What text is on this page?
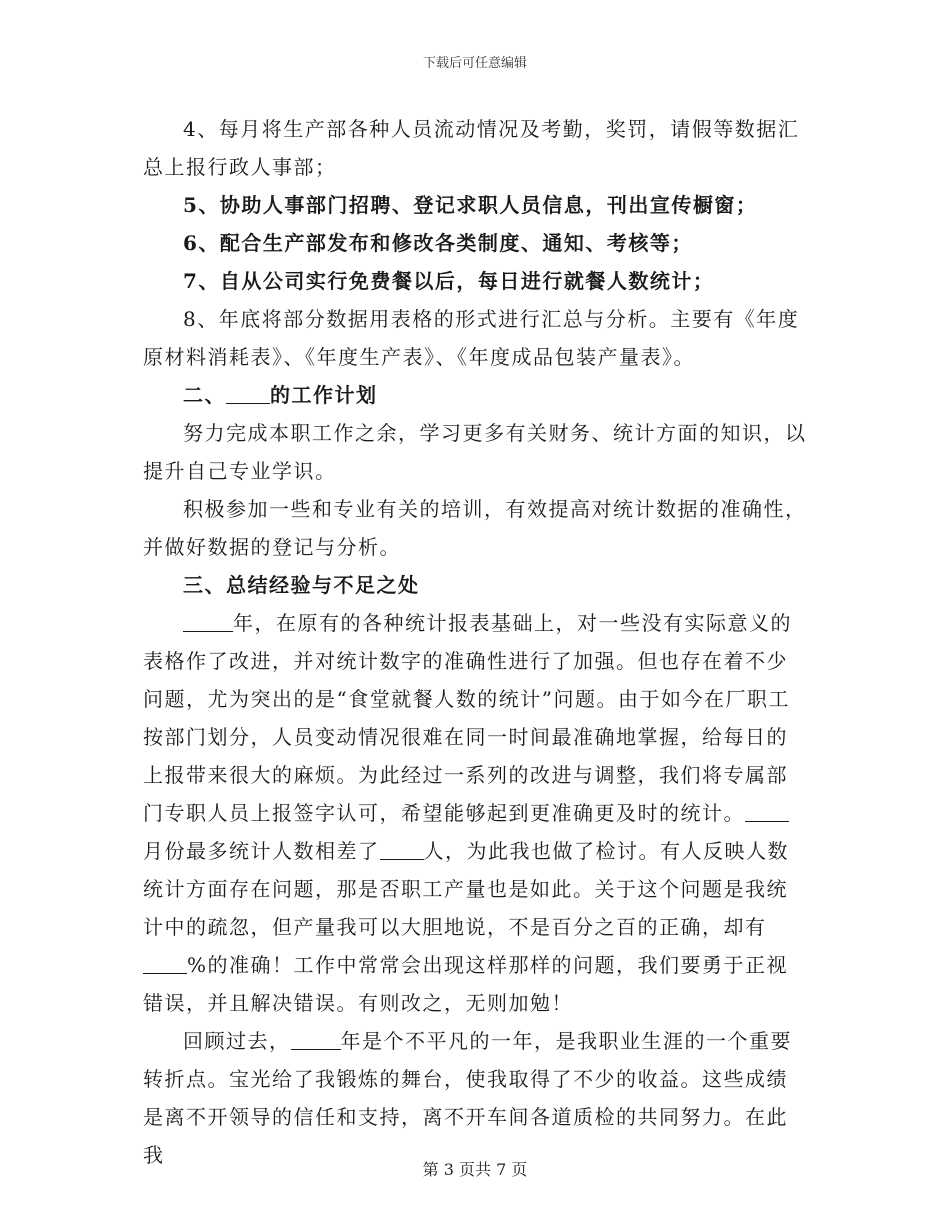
下载后可任意编辑

4、每月将生产部各种人员流动情况及考勤，奖罚，请假等数据汇总上报行政人事部；

5、协助人事部门招聘、登记求职人员信息，刊出宣传橱窗；

6、配合生产部发布和修改各类制度、通知、考核等；

7、自从公司实行免费餐以后，每日进行就餐人数统计；

8、年底将部分数据用表格的形式进行汇总与分析。主要有《年度原材料消耗表》、《年度生产表》、《年度成品包装产量表》。

二、 的工作计划

努力完成本职工作之余，学习更多有关财务、统计方面的知识，以提升自己专业学识。

积极参加一些和专业有关的培训，有效提高对统计数据的准确性，并做好数据的登记与分析。

三、总结经验与不足之处

年，在原有的各种统计报表基础上，对一些没有实际意义的表格作了改进，并对统计数字的准确性进行了加强。但也存在着不少问题，尤为突出的是“食堂就餐人数的统计”问题。由于如今在厂职工按部门划分，人员变动情况很难在同一时间最准确地掌握，给每日的上报带来很大的麻烦。为此经过一系列的改进与调整，我们将专属部门专职人员上报签字认可，希望能够起到更准确更及时的统计。月份最多统计人数相差了 人，为此我也做了检讨。有人反映人数统计方面存在问题，那是否职工产量也是如此。关于这个问题是我统计中的疏忽，但产量我可以大胆地说，不是百分之百的正确，却有%的准确！工作中常常会出现这样那样的问题，我们要勇于正视错误，并且解决错误。有则改之，无则加勉！

回顾过去，	年是个不平凡的一年，是我职业生涯的一个重要转折点。宝光给了我锻炼的舞台，使我取得了不少的收益。这些成绩是离不开领导的信任和支持，离不开车间各道质检的共同努力。在此我

第 3 页共 7 页
